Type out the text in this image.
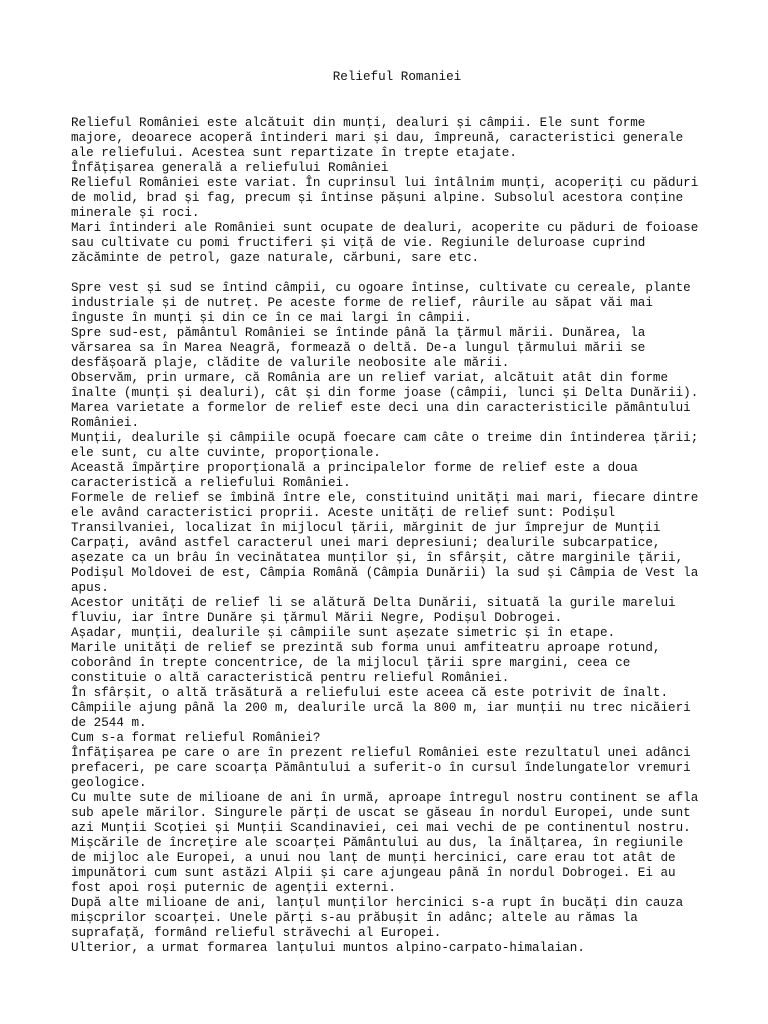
Relieful Romaniei
Relieful României este alcătuit din munți, dealuri și câmpii. Ele sunt forme
majore, deoarece acoperă întinderi mari și dau, împreună, caracteristici generale
ale reliefului. Acestea sunt repartizate în trepte etajate.
Înfățișarea generală a reliefului României
Relieful României este variat. În cuprinsul lui întâlnim munți, acoperiți cu păduri
de molid, brad și fag, precum și întinse pășuni alpine. Subsolul acestora conține
minerale și roci.
Mari întinderi ale României sunt ocupate de dealuri, acoperite cu păduri de foioase
sau cultivate cu pomi fructiferi și viță de vie. Regiunile deluroase cuprind
zăcăminte de petrol, gaze naturale, cărbuni, sare etc.
Spre vest și sud se întind câmpii, cu ogoare întinse, cultivate cu cereale, plante
industriale și de nutreț. Pe aceste forme de relief, râurile au săpat văi mai
înguste în munți și din ce în ce mai largi în câmpii.
Spre sud-est, pământul României se întinde până la țărmul mării. Dunărea, la
vărsarea sa în Marea Neagră, formează o deltă. De-a lungul țărmului mării se
desfășoară plaje, clădite de valurile neobosite ale mării.
Observăm, prin urmare, că România are un relief variat, alcătuit atât din forme
înalte (munți și dealuri), cât și din forme joase (câmpii, lunci și Delta Dunării).
Marea varietate a formelor de relief este deci una din caracteristicile pământului
României.
Munții, dealurile și câmpiile ocupă foecare cam câte o treime din întinderea țării;
ele sunt, cu alte cuvinte, proporționale.
Această împărțire proporțională a principalelor forme de relief este a doua
caracteristică a reliefului României.
Formele de relief se îmbină între ele, constituind unități mai mari, fiecare dintre
ele având caracteristici proprii. Aceste unități de relief sunt: Podișul
Transilvaniei, localizat în mijlocul țării, mărginit de jur împrejur de Munții
Carpați, având astfel caracterul unei mari depresiuni; dealurile subcarpatice,
așezate ca un brâu în vecinătatea munților și, în sfârșit, către marginile țării,
Podișul Moldovei de est, Câmpia Română (Câmpia Dunării) la sud și Câmpia de Vest la
apus.
Acestor unități de relief li se alătură Delta Dunării, situată la gurile marelui
fluviu, iar între Dunăre și țărmul Mării Negre, Podișul Dobrogei.
Așadar, munții, dealurile și câmpiile sunt așezate simetric și în etape.
Marile unități de relief se prezintă sub forma unui amfiteatru aproape rotund,
coborând în trepte concentrice, de la mijlocul țării spre margini, ceea ce
constituie o altă caracteristică pentru relieful României.
În sfârșit, o altă trăsătură a reliefului este aceea că este potrivit de înalt.
Câmpiile ajung până la 200 m, dealurile urcă la 800 m, iar munții nu trec nicăieri
de 2544 m.
Cum s-a format relieful României?
Înfățișarea pe care o are în prezent relieful României este rezultatul unei adânci
prefaceri, pe care scoarța Pământului a suferit-o în cursul îndelungatelor vremuri
geologice.
Cu multe sute de milioane de ani în urmă, aproape întregul nostru continent se afla
sub apele mărilor. Singurele părți de uscat se găseau în nordul Europei, unde sunt
azi Munții Scoției și Munții Scandinaviei, cei mai vechi de pe continentul nostru.
Mișcările de încrețire ale scoarței Pământului au dus, la înălțarea, în regiunile
de mijloc ale Europei, a unui nou lanț de munți hercinici, care erau tot atât de
impunători cum sunt astăzi Alpii și care ajungeau până în nordul Dobrogei. Ei au
fost apoi roși puternic de agenții externi.
După alte milioane de ani, lanțul munților hercinici s-a rupt în bucăți din cauza
mișcprilor scoarței. Unele părți s-au prăbușit în adânc; altele au rămas la
suprafață, formând relieful străvechi al Europei.
Ulterior, a urmat formarea lanțului muntos alpino-carpato-himalaian.
